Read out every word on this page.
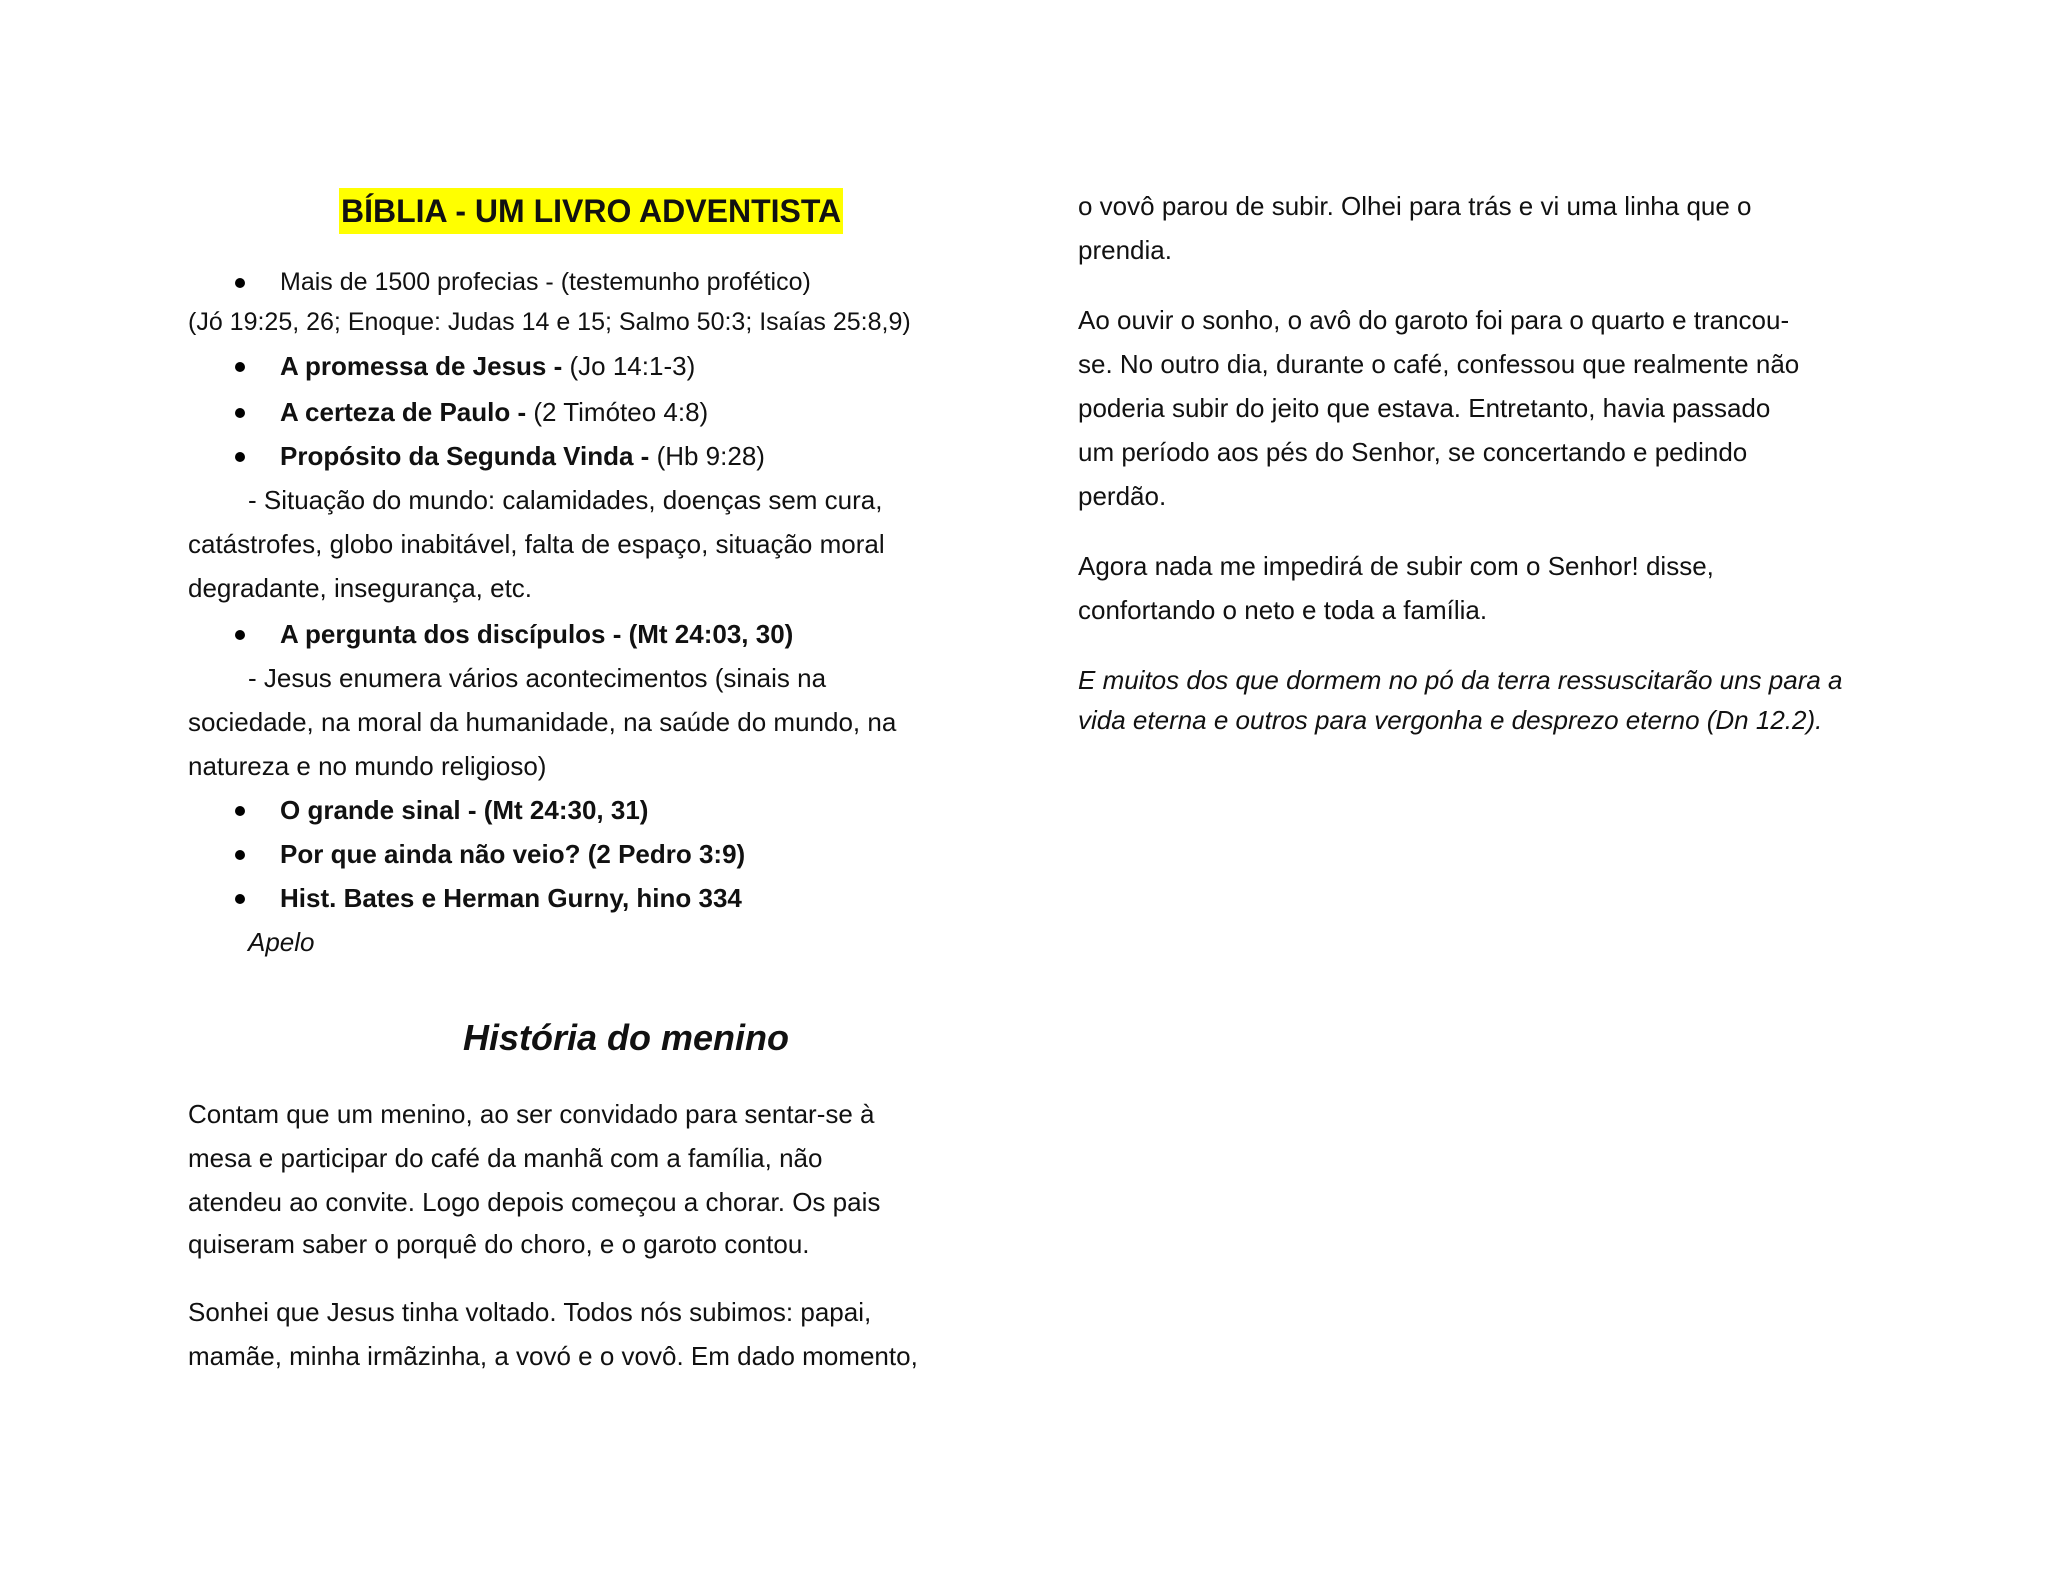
BÍBLIA - UM LIVRO ADVENTISTA
Mais de 1500 profecias - (testemunho profético)
(Jó 19:25, 26; Enoque: Judas 14 e 15; Salmo 50:3; Isaías 25:8,9)
A promessa de Jesus - (Jo 14:1-3)
A certeza de Paulo - (2 Timóteo 4:8)
Propósito da Segunda Vinda - (Hb 9:28)
- Situação do mundo: calamidades, doenças sem cura,
catástrofes, globo inabitável, falta de espaço, situação moral
degradante, insegurança, etc.
A pergunta dos discípulos - (Mt 24:03, 30)
- Jesus enumera vários acontecimentos (sinais na
sociedade, na moral da humanidade, na saúde do mundo, na
natureza e no mundo religioso)
O grande sinal - (Mt 24:30, 31)
Por que ainda não veio? (2 Pedro 3:9)
Hist. Bates e Herman Gurny, hino 334
Apelo
História do menino
Contam que um menino, ao ser convidado para sentar-se à
mesa e participar do café da manhã com a família, não
atendeu ao convite. Logo depois começou a chorar. Os pais
quiseram saber o porquê do choro, e o garoto contou.
Sonhei que Jesus tinha voltado. Todos nós subimos: papai,
mamãe, minha irmãzinha, a vovó e o vovô. Em dado momento,
o vovô parou de subir. Olhei para trás e vi uma linha que o
prendia.
Ao ouvir o sonho, o avô do garoto foi para o quarto e trancou-
se. No outro dia, durante o café, confessou que realmente não
poderia subir do jeito que estava. Entretanto, havia passado
um período aos pés do Senhor, se concertando e pedindo
perdão.
Agora nada me impedirá de subir com o Senhor! disse,
confortando o neto e toda a família.
E muitos dos que dormem no pó da terra ressuscitarão uns para a
vida eterna e outros para vergonha e desprezo eterno (Dn 12.2).
